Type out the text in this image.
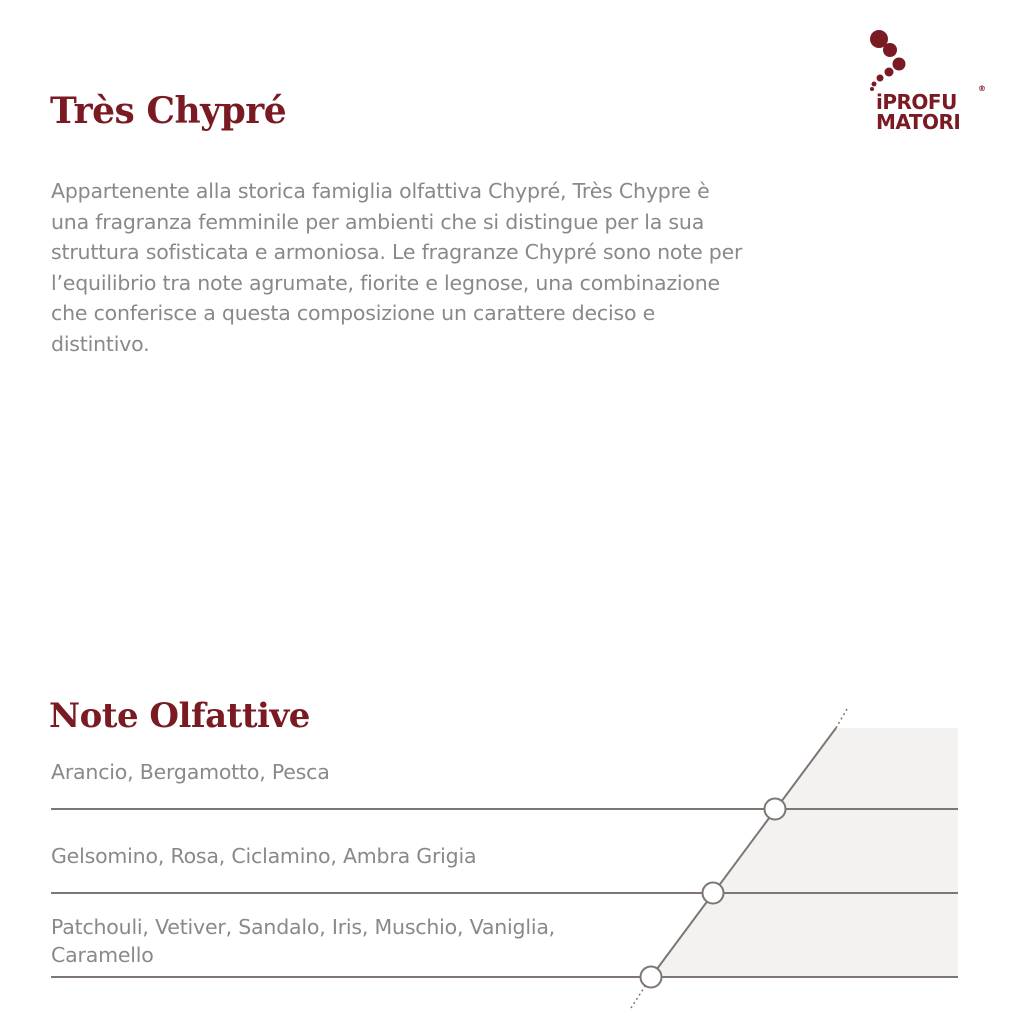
Très Chypré	iPROFU
MATORI
®

Appartenente alla storica famiglia olfattiva Chypré, Très Chypre è una fragranza femminile per ambienti che si distingue per la sua struttura sofisticata e armoniosa. Le fragranze Chypré sono note per l’equilibrio tra note agrumate, fiorite e legnose, una combinazione che conferisce a questa composizione un carattere deciso e distintivo.

Note Olfattive

Arancio, Bergamotto, Pesca

Gelsomino, Rosa, Ciclamino, Ambra Grigia

Patchouli, Vetiver, Sandalo, Iris, Muschio, Vaniglia, Caramello
